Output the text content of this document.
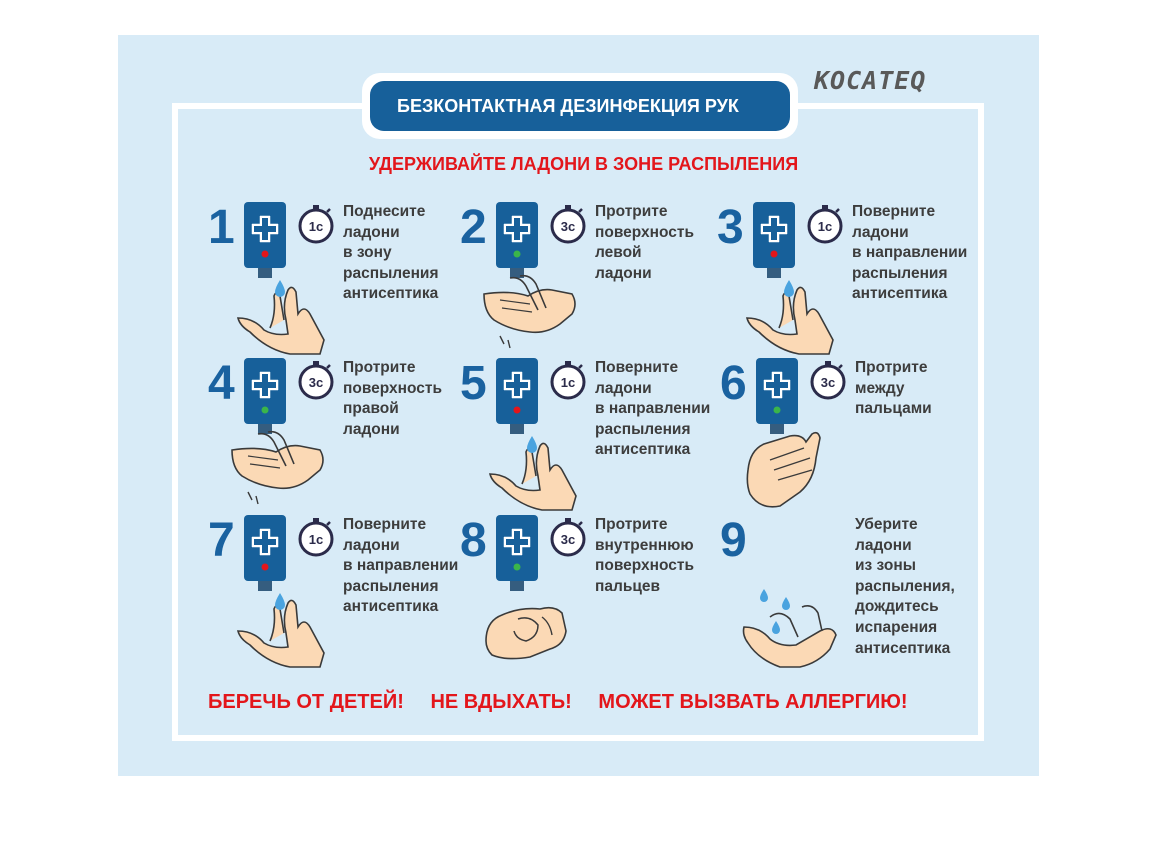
KOCATEQ
БЕЗКОНТАКТНАЯ ДЕЗИНФЕКЦИЯ РУК
УДЕРЖИВАЙТЕ ЛАДОНИ В ЗОНЕ РАСПЫЛЕНИЯ
1	1с
Поднесите
ладони
в зону
распыления
антисептика
2	3с
Протрите
поверхность
левой
ладони
3	1с
Поверните
ладони
в направлении
распыления
антисептика
4	3с
Протрите
поверхность
правой
ладони
5	1с
Поверните
ладони
в направлении
распыления
антисептика
6	3с
Протрите
между
пальцами
7	1с
Поверните
ладони
в направлении
распыления
антисептика
8	3с
Протрите
внутреннюю
поверхность
пальцев
9	Уберите
ладони
из зоны
распыления,
дождитесь
испарения
антисептика
БЕРЕЧЬ ОТ ДЕТЕЙ! НЕ ВДЫХАТЬ! МОЖЕТ ВЫЗВАТЬ АЛЛЕРГИЮ!
